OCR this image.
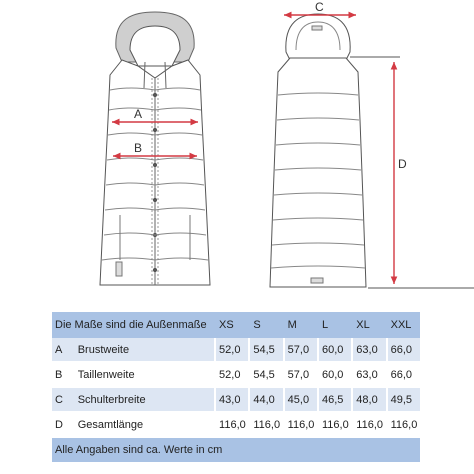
A
B
C
D
Die Maße sind die Außenmaße		XS	S	M	L	XL	XXL
A	Brustweite	52,0	54,5	57,0	60,0	63,0	66,0
B	Taillenweite	52,0	54,5	57,0	60,0	63,0	66,0
C	Schulterbreite	43,0	44,0	45,0	46,5	48,0	49,5
D	Gesamtlänge	116,0	116,0	116,0	116,0	116,0	116,0
Alle Angaben sind ca. Werte in cm							
